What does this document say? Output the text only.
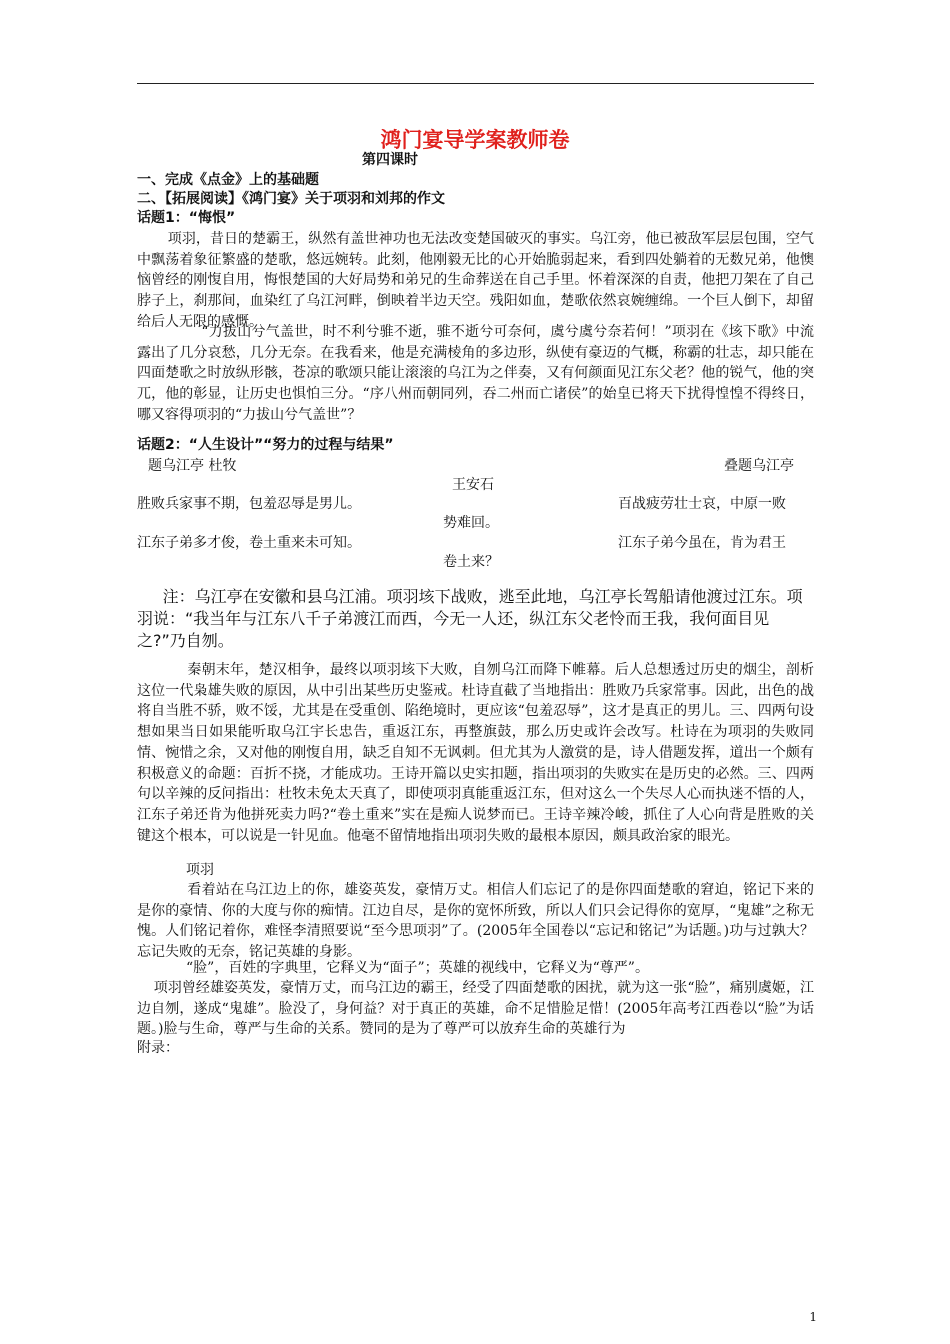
鸿门宴导学案教师卷
第四课时
一、完成《点金》上的基础题
二、【拓展阅读】《鸿门宴》关于项羽和刘邦的作文
话题1：“悔恨”
项羽，昔日的楚霸王，纵然有盖世神功也无法改变楚国破灭的事实。乌江旁，他已被敌军层层包围，空气中飘荡着象征繁盛的楚歌，悠远婉转。此刻，他刚毅无比的心开始脆弱起来，看到四处躺着的无数兄弟，他懊恼曾经的刚愎自用，悔恨楚国的大好局势和弟兄的生命葬送在自己手里。怀着深深的自责，他把刀架在了自己脖子上，刹那间，血染红了乌江河畔，倒映着半边天空。残阳如血，楚歌依然哀婉缠绵。一个巨人倒下，却留给后人无限的感慨。
“力拔山兮气盖世，时不利兮骓不逝，骓不逝兮可奈何，虞兮虞兮奈若何！”项羽在《垓下歌》中流露出了几分哀愁，几分无奈。在我看来，他是充满棱角的多边形，纵使有豪迈的气概，称霸的壮志，却只能在四面楚歌之时放纵形骸，苍凉的歌颂只能让滚滚的乌江为之伴奏，又有何颜面见江东父老？他的锐气，他的突兀，他的彰显，让历史也惧怕三分。“序八州而朝同列，吞二州而亡诸侯”的始皇已将天下扰得惶惶不得终日，哪又容得项羽的“力拔山兮气盖世”？
话题2：“人生设计”“努力的过程与结果”
题乌江亭 杜牧	叠题乌江亭
王安石
胜败兵家事不期，包羞忍辱是男儿。	百战疲劳壮士哀，中原一败
势难回。
江东子弟多才俊，卷土重来未可知。	江东子弟今虽在，肯为君王
卷土来？
注：乌江亭在安徽和县乌江浦。项羽垓下战败，逃至此地，乌江亭长驾船请他渡过江东。项羽说：“我当年与江东八千子弟渡江而西，今无一人还，纵江东父老怜而王我，我何面目见之?”乃自刎。
秦朝末年，楚汉相争，最终以项羽垓下大败，自刎乌江而降下帷幕。后人总想透过历史的烟尘，剖析这位一代枭雄失败的原因，从中引出某些历史鉴戒。杜诗直截了当地指出：胜败乃兵家常事。因此，出色的战将自当胜不骄，败不馁，尤其是在受重创、陷绝境时，更应该“包羞忍辱”，这才是真正的男儿。三、四两句设想如果当日如果能听取乌江宇长忠告，重返江东，再整旗鼓，那么历史或许会改写。杜诗在为项羽的失败同情、惋惜之余，又对他的刚愎自用，缺乏自知不无讽刺。但尤其为人激赏的是，诗人借题发挥，道出一个颇有积极意义的命题：百折不挠，才能成功。王诗开篇以史实扣题，指出项羽的失败实在是历史的必然。三、四两句以辛辣的反问指出：杜牧未免太天真了，即使项羽真能重返江东，但对这么一个失尽人心而执迷不悟的人，江东子弟还肯为他拼死卖力吗?“卷土重来”实在是痴人说梦而已。王诗辛辣冷峻，抓住了人心向背是胜败的关键这个根本，可以说是一针见血。他毫不留情地指出项羽失败的最根本原因，颇具政治家的眼光。
项羽
看着站在乌江边上的你，雄姿英发，豪情万丈。相信人们忘记了的是你四面楚歌的窘迫，铭记下来的是你的豪情、你的大度与你的痴情。江边自尽，是你的宽怀所致，所以人们只会记得你的宽厚，“鬼雄”之称无愧。人们铭记着你，难怪李清照要说“至今思项羽”了。(2005年全国卷以“忘记和铭记”为话题。)功与过孰大？忘记失败的无奈，铭记英雄的身影。
“脸”，百姓的字典里，它释义为“面子”；英雄的视线中，它释义为“尊严”。
项羽曾经雄姿英发，豪情万丈，而乌江边的霸王，经受了四面楚歌的困扰，就为这一张“脸”，痛别虞姬，江边自刎，遂成“鬼雄”。脸没了，身何益？对于真正的英雄，命不足惜脸足惜！(2005年高考江西卷以“脸”为话题。)脸与生命，尊严与生命的关系。赞同的是为了尊严可以放弃生命的英雄行为
附录：
1
